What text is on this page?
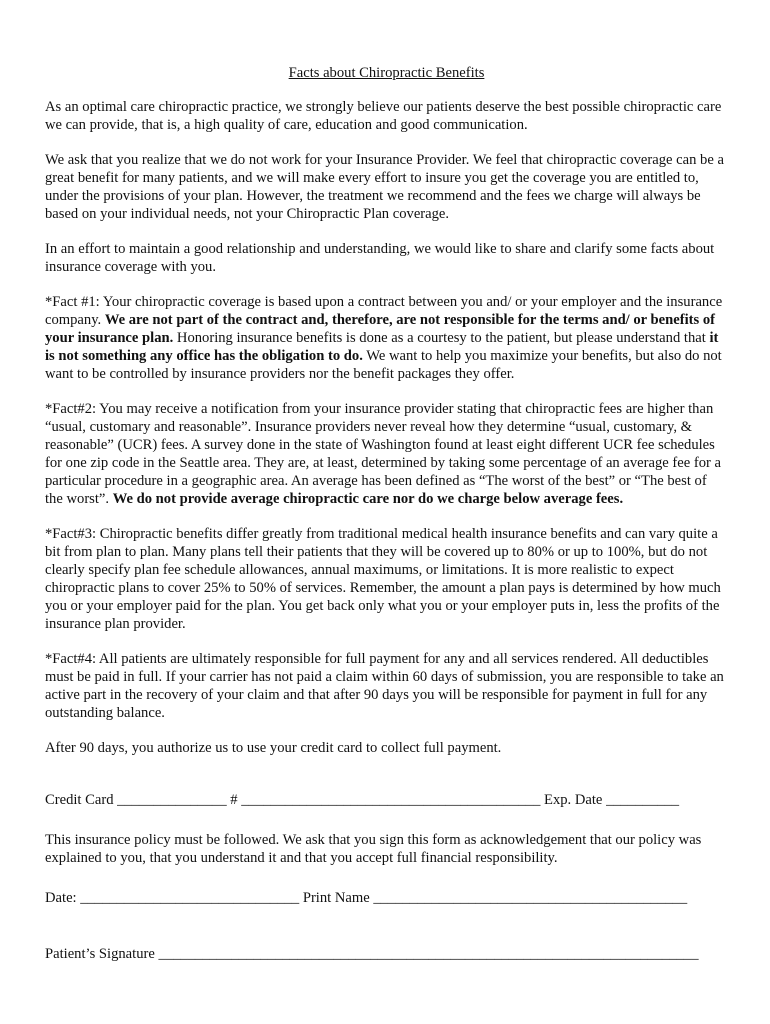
Facts about Chiropractic Benefits

As an optimal care chiropractic practice, we strongly believe our patients deserve the best possible chiropractic care we can provide, that is, a high quality of care, education and good communication.

We ask that you realize that we do not work for your Insurance Provider. We feel that chiropractic coverage can be a great benefit for many patients, and we will make every effort to insure you get the coverage you are entitled to, under the provisions of your plan. However, the treatment we recommend and the fees we charge will always be based on your individual needs, not your Chiropractic Plan coverage.

In an effort to maintain a good relationship and understanding, we would like to share and clarify some facts about insurance coverage with you.

*Fact #1: Your chiropractic coverage is based upon a contract between you and/ or your employer and the insurance company. We are not part of the contract and, therefore, are not responsible for the terms and/ or benefits of your insurance plan. Honoring insurance benefits is done as a courtesy to the patient, but please understand that it is not something any office has the obligation to do. We want to help you maximize your benefits, but also do not want to be controlled by insurance providers nor the benefit packages they offer.

*Fact#2: You may receive a notification from your insurance provider stating that chiropractic fees are higher than “usual, customary and reasonable”. Insurance providers never reveal how they determine “usual, customary, & reasonable” (UCR) fees. A survey done in the state of Washington found at least eight different UCR fee schedules for one zip code in the Seattle area. They are, at least, determined by taking some percentage of an average fee for a particular procedure in a geographic area. An average has been defined as “The worst of the best” or “The best of the worst”. We do not provide average chiropractic care nor do we charge below average fees.

*Fact#3: Chiropractic benefits differ greatly from traditional medical health insurance benefits and can vary quite a bit from plan to plan. Many plans tell their patients that they will be covered up to 80% or up to 100%, but do not clearly specify plan fee schedule allowances, annual maximums, or limitations. It is more realistic to expect chiropractic plans to cover 25% to 50% of services. Remember, the amount a plan pays is determined by how much you or your employer paid for the plan. You get back only what you or your employer puts in, less the profits of the insurance plan provider.

*Fact#4: All patients are ultimately responsible for full payment for any and all services rendered. All deductibles must be paid in full. If your carrier has not paid a claim within 60 days of submission, you are responsible to take an active part in the recovery of your claim and that after 90 days you will be responsible for payment in full for any outstanding balance.

After 90 days, you authorize us to use your credit card to collect full payment.

Credit Card _______________ # _________________________________________ Exp. Date __________

This insurance policy must be followed. We ask that you sign this form as acknowledgement that our policy was explained to you, that you understand it and that you accept full financial responsibility.

Date: ______________________________ Print Name ___________________________________________
Patient’s Signature __________________________________________________________________________
